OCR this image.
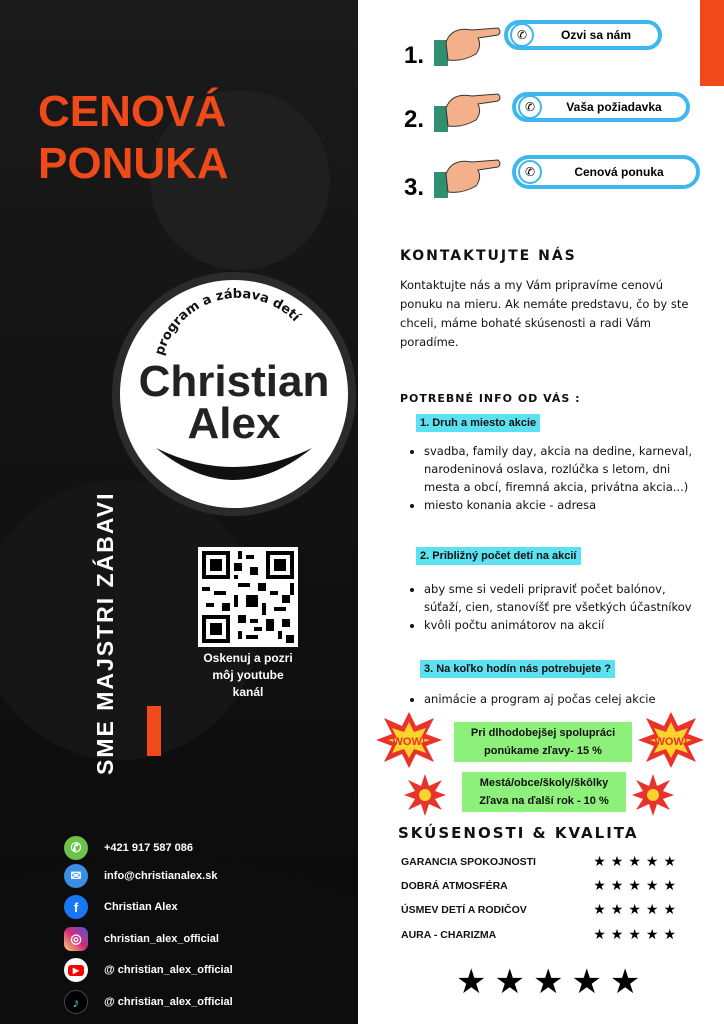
CENOVÁ
PONUKA
SME MAJSTRI ZÁBAVI
program a zábava detí
Christian
Alex
Oskenuj a pozri
môj youtube
kanál
✆	+421 917 587 086
✉	info@christianalex.sk
f	Christian Alex
◎	christian_alex_official
▶	@ christian_alex_official
♪	@ christian_alex_official
1.
✆	Ozvi sa nám
2.	✆	Vaša požiadavka
3.
✆	Cenová ponuka
KONTAKTUJTE NÁS
Kontaktujte nás a my Vám pripravíme cenovú ponuku na mieru. Ak nemáte predstavu, čo by ste chceli, máme bohaté skúsenosti a radi Vám poradíme.
POTREBNÉ INFO OD VÁS :
1. Druh a miesto akcie
• svadba, family day, akcia na dedine, karneval, narodeninová oslava, rozlúčka s letom, dni mesta a obcí, firemná akcia, privátna akcia...)
• miesto konania akcie - adresa
2. Približný počet detí na akcií
• aby sme si vedeli pripraviť počet balónov, súťaží, cien, stanovíšť pre všetkých účastníkov
• kvôli počtu animátorov na akcií
3. Na koľko hodín nás potrebujete ?
• animácie a program aj počas celej akcie
WOW!
Pri dlhodobejšej spolupráci
ponúkame zľavy- 15 %
WOW!
Mestá/obce/školy/škôlky
Zľava na ďalší rok - 10 %
SKÚSENOSTI & KVALITA
GARANCIA SPOKOJNOSTI	★★★★★
DOBRÁ ATMOSFÉRA	★★★★★
ÚSMEV DETÍ A RODIČOV	★★★★★
AURA - CHARIZMA	★★★★★
★★★★★
